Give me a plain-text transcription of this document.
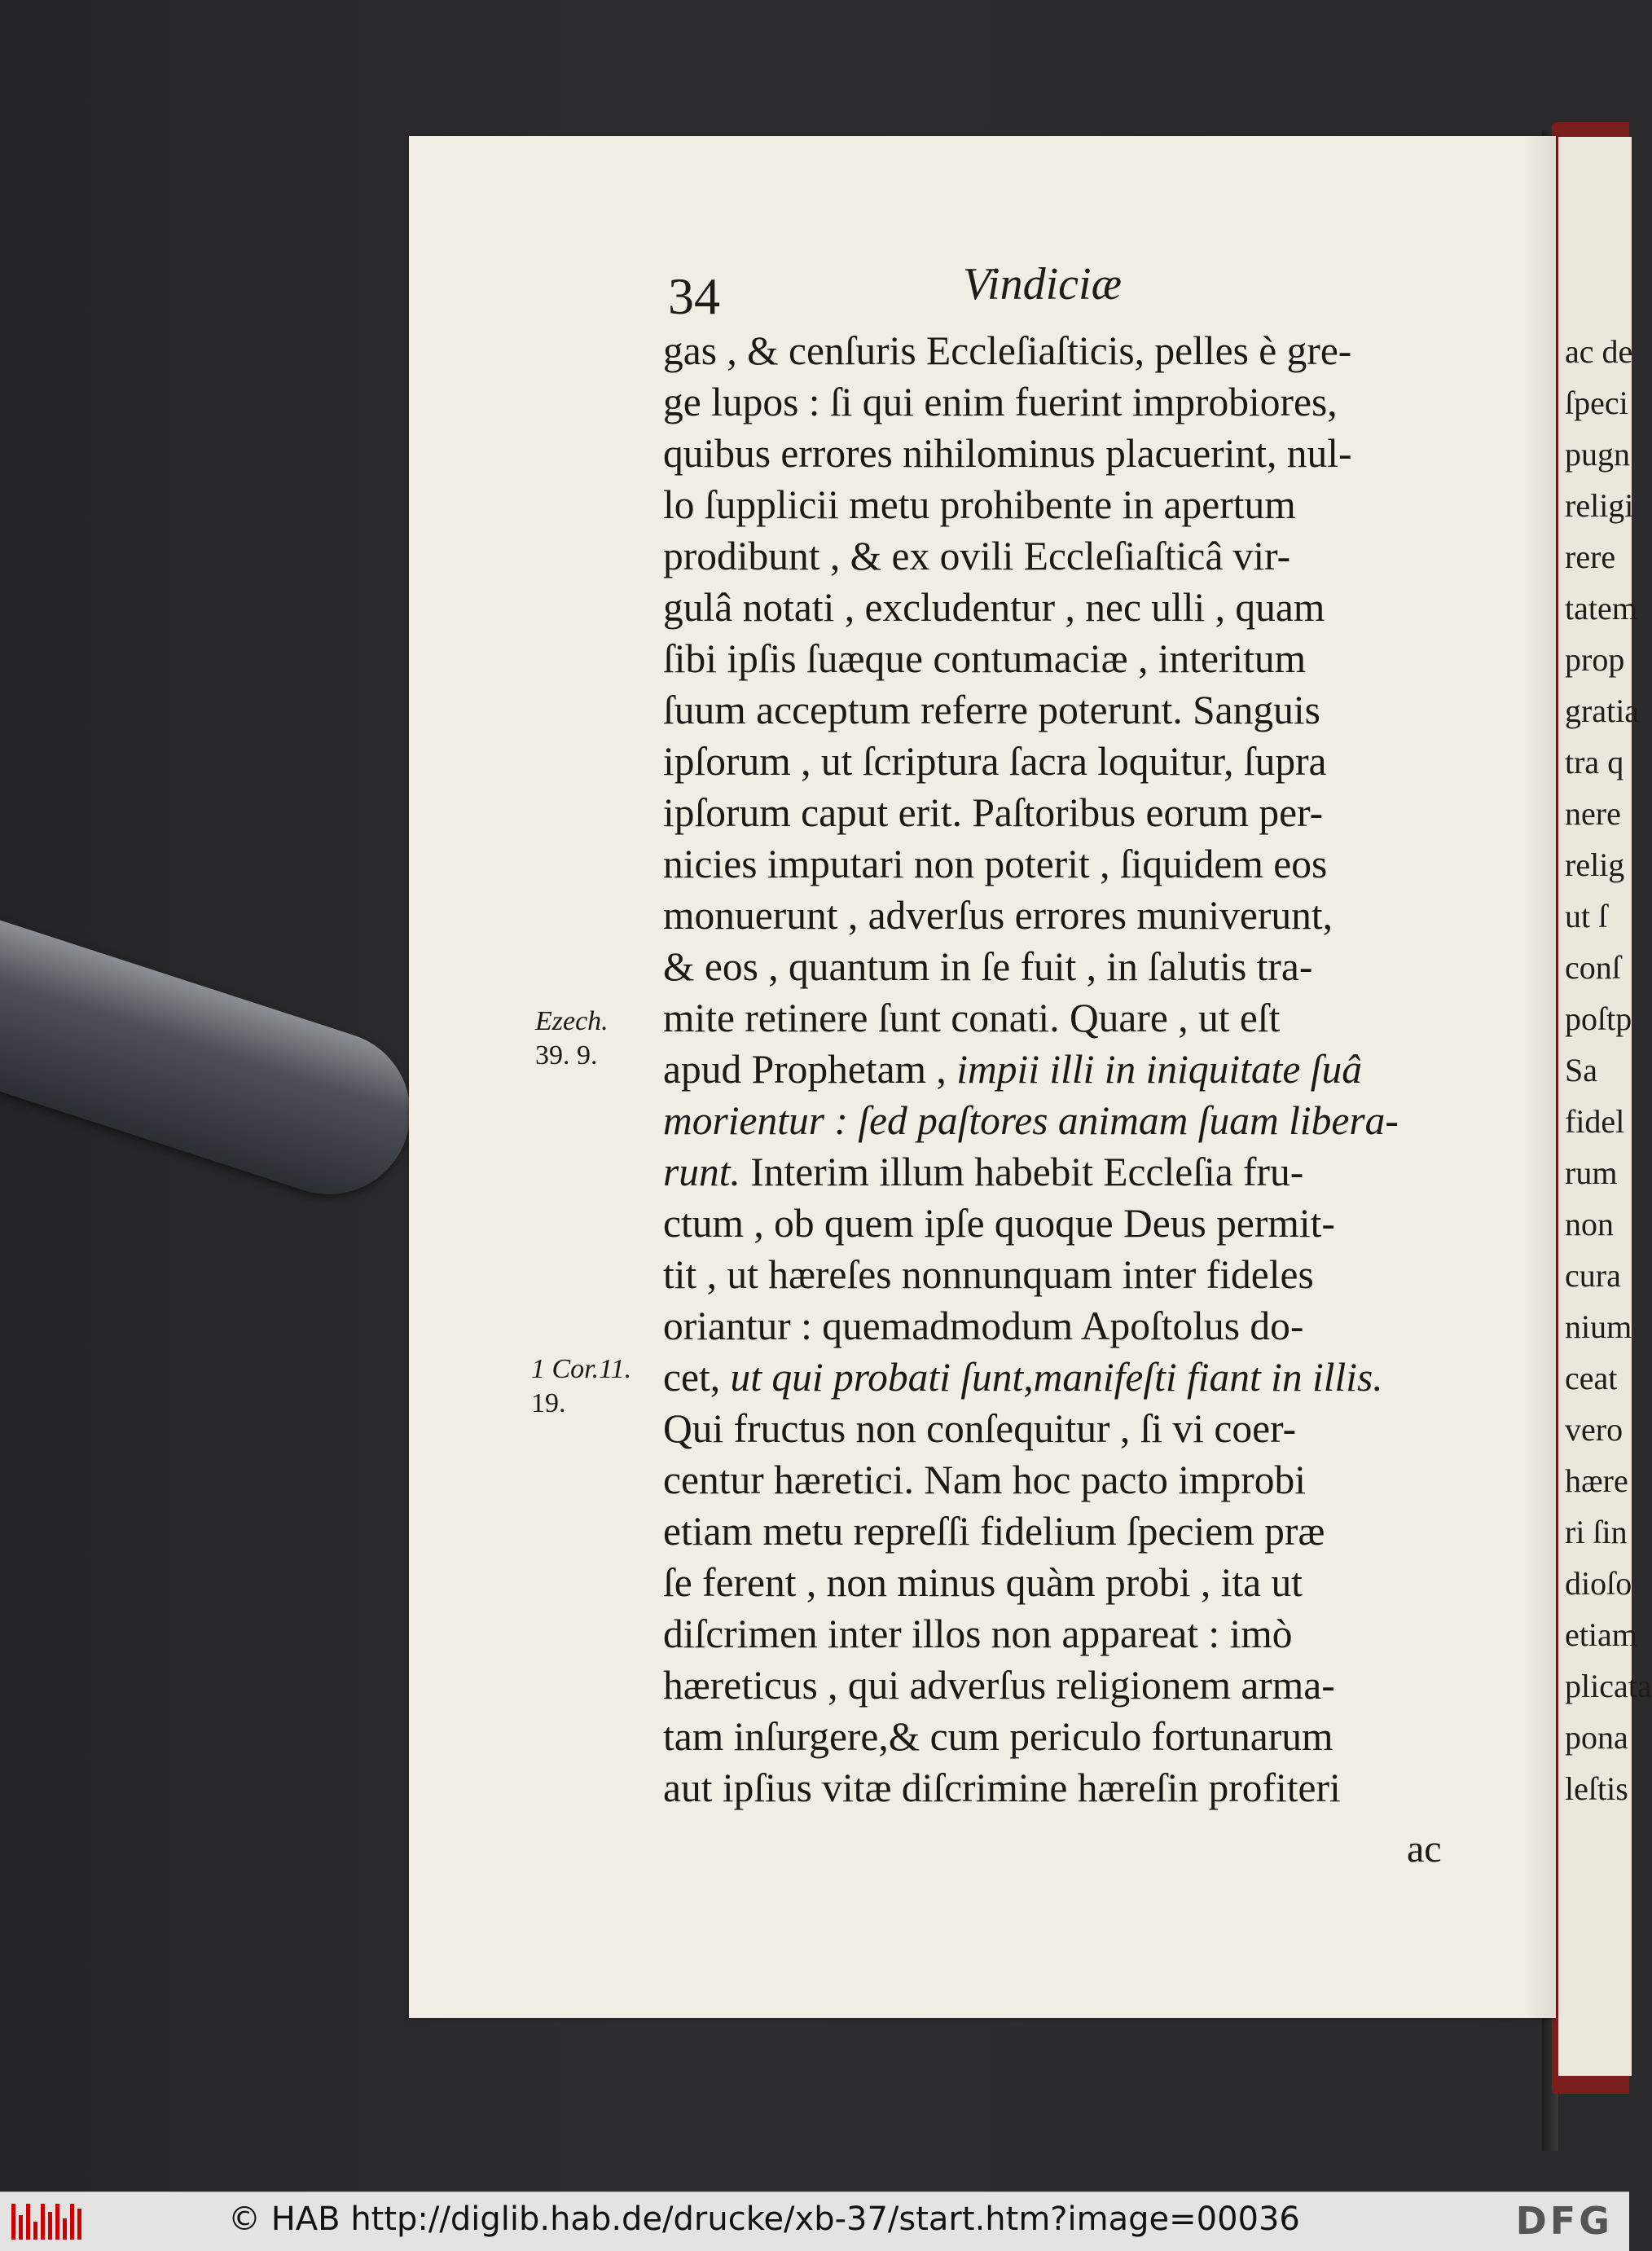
ac de
ſpeci
pugn
religi
rere
tatem
prop
gratia
tra q
nere
relig
ut ſ
conſ
poſtp
Sa
fidel
rum
non
cura
nium
ceat
vero
hære
ri ſin
dioſo
etiam
plicata
pona
leſtis
34	Vindiciæ
gas , & cenſuris Eccleſiaſticis, pelles è gre-
ge lupos : ſi qui enim fuerint improbiores,
quibus errores nihilominus placuerint, nul-
lo ſupplicii metu prohibente in apertum
prodibunt , & ex ovili Eccleſiaſticâ vir-
gulâ notati , excludentur , nec ulli , quam
ſibi ipſis ſuæque contumaciæ , interitum
ſuum acceptum referre poterunt. Sanguis
ipſorum , ut ſcriptura ſacra loquitur, ſupra
ipſorum caput erit. Paſtoribus eorum per-
nicies imputari non poterit , ſiquidem eos
monuerunt , adverſus errores muniverunt,
& eos , quantum in ſe fuit , in ſalutis tra-
mite retinere ſunt conati. Quare , ut eſt
apud Prophetam , impii illi in iniquitate ſuâ
morientur : ſed paſtores animam ſuam libera-
runt. Interim illum habebit Eccleſia fru-
ctum , ob quem ipſe quoque Deus permit-
tit , ut hæreſes nonnunquam inter fideles
oriantur : quemadmodum Apoſtolus do-
cet, ut qui probati ſunt,manifeſti fiant in illis.
Qui fructus non conſequitur , ſi vi coer-
centur hæretici. Nam hoc pacto improbi
etiam metu repreſſi fidelium ſpeciem præ
ſe ferent , non minus quàm probi , ita ut
diſcrimen inter illos non appareat : imò
hæreticus , qui adverſus religionem arma-
tam inſurgere,& cum periculo fortunarum
aut ipſius vitæ diſcrimine hæreſin profiteri
Ezech.
39. 9.
1 Cor.11.
19.
ac
© HAB http://diglib.hab.de/drucke/xb-37/start.htm?image=00036	DFG
